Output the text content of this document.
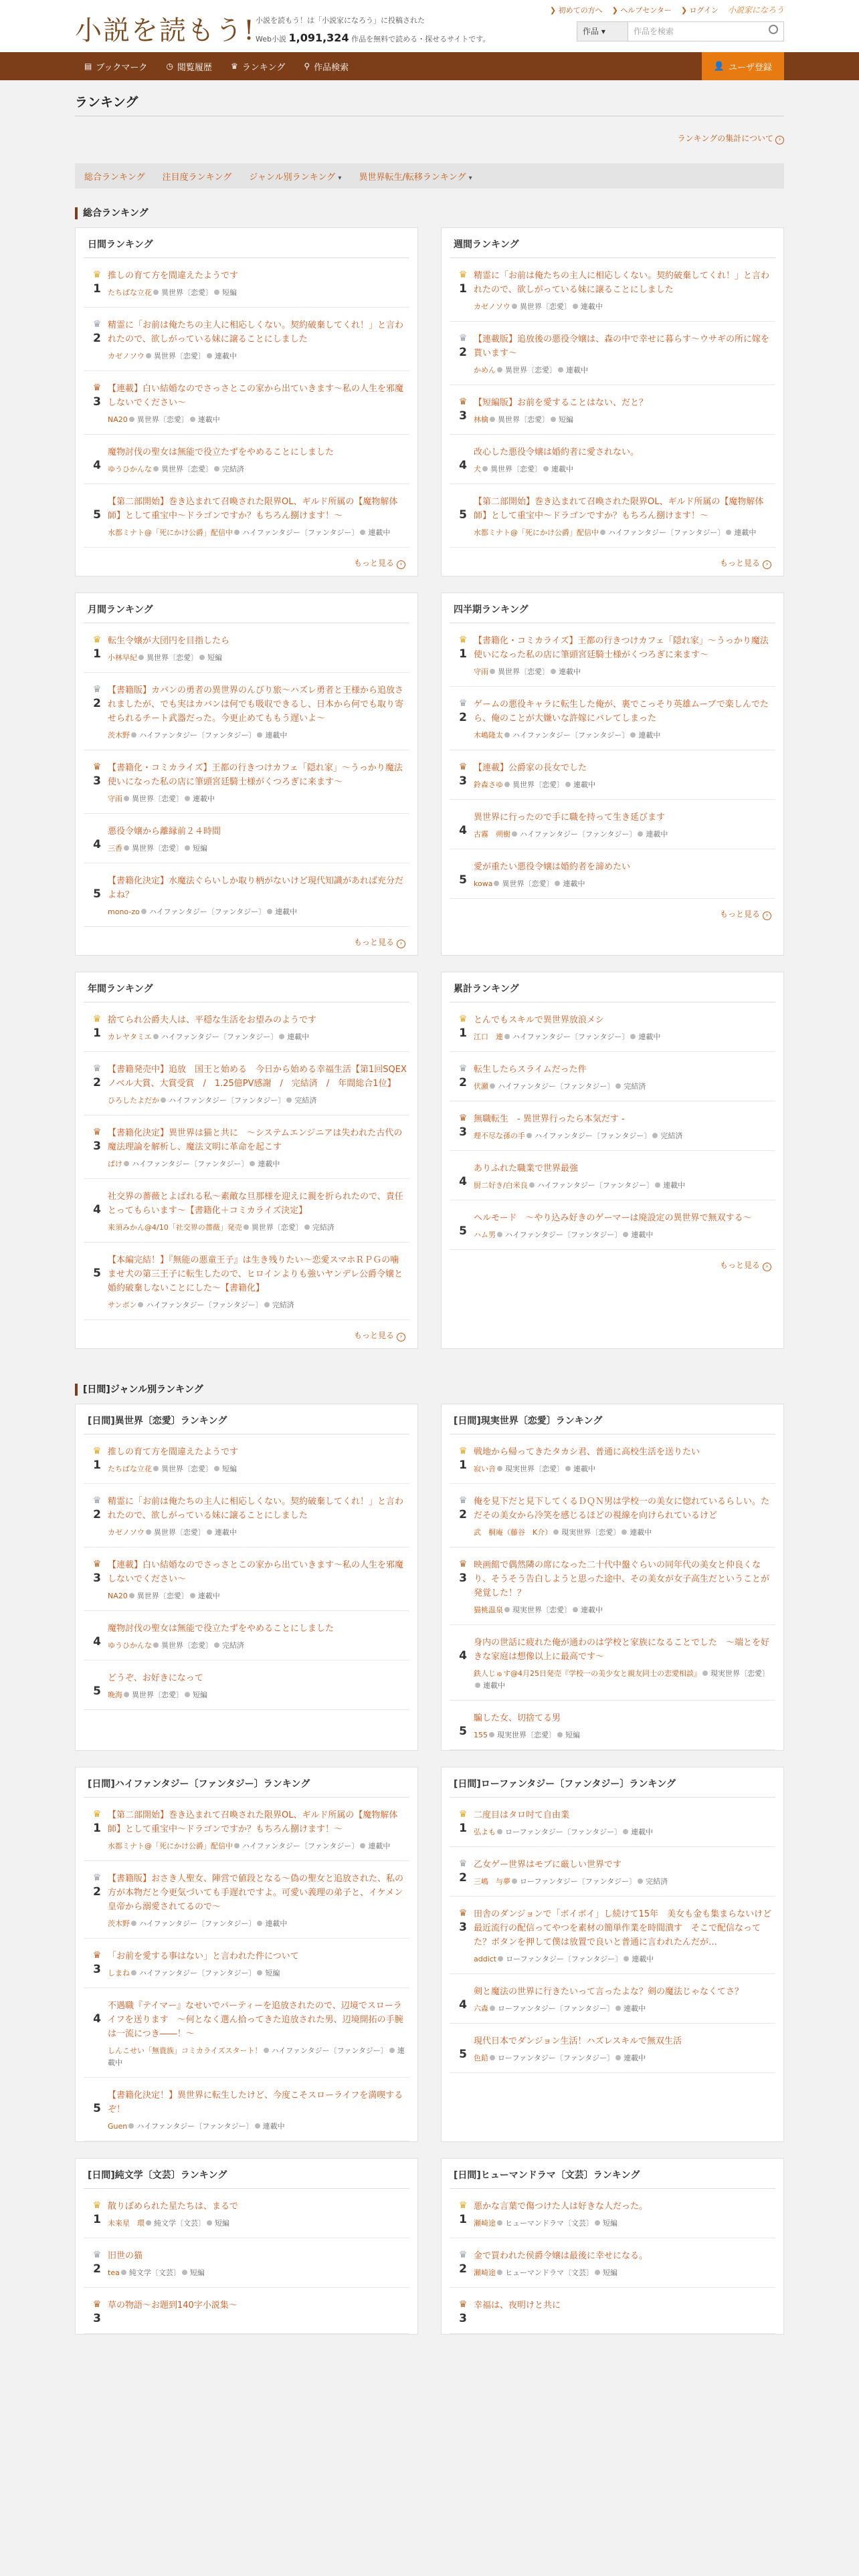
小説を読もう! 小説を読もう！は「小説家になろう」に投稿された
Web小説 1,091,324 作品を無料で読める・探せるサイトです。
❯ 初めての方へ ❯ ヘルプセンター ❯ ログイン 小説家になろう
作品 ▾	作品を検索
▤ ブックマーク ◷ 閲覧履歴 ♛ ランキング ⚲ 作品検索	👤 ユーザ登録
ランキング
ランキングの集計について ›
総合ランキング	注目度ランキング	ジャンル別ランキング ▾	異世界転生/転移ランキング ▾
総合ランキング
日間ランキング
♛
1
推しの育て方を間違えたようです
たちばな立花 異世界〔恋愛〕 短編
♛
2
精霊に「お前は俺たちの主人に相応しくない。契約破棄してくれ！」と言われたので、欲しがっている妹に譲ることにしました
カゼノソウ 異世界〔恋愛〕 連載中
♛
3
【連載】白い結婚なのでさっさとこの家から出ていきます〜私の人生を邪魔しないでください〜
NA20 異世界〔恋愛〕 連載中

4
魔物討伐の聖女は無能で役立たずをやめることにしました
ゆうひかんな 異世界〔恋愛〕 完結済

5
【第二部開始】巻き込まれて召喚された限界OL、ギルド所属の【魔物解体師】として重宝中〜ドラゴンですか？もちろん捌けます！〜
水都ミナト@「死にかけ公爵」配信中 ハイファンタジー〔ファンタジー〕 連載中
もっと見る ›
週間ランキング
♛
1
精霊に「お前は俺たちの主人に相応しくない。契約破棄してくれ！」と言われたので、欲しがっている妹に譲ることにしました
カゼノソウ 異世界〔恋愛〕 連載中
♛
2
【連載版】追放後の悪役令嬢は、森の中で幸せに暮らす〜ウサギの所に嫁を貰います〜
かめん 異世界〔恋愛〕 連載中
♛
3
【短編版】お前を愛することはない、だと？
林檎 異世界〔恋愛〕 短編

4
改心した悪役令嬢は婚約者に愛されない。
犬 異世界〔恋愛〕 連載中

5
【第二部開始】巻き込まれて召喚された限界OL、ギルド所属の【魔物解体師】として重宝中〜ドラゴンですか？もちろん捌けます！〜
水都ミナト@「死にかけ公爵」配信中 ハイファンタジー〔ファンタジー〕 連載中
もっと見る ›
月間ランキング
♛
1
転生令嬢が大団円を目指したら
小林早紀 異世界〔恋愛〕 短編
♛
2
【書籍版】カバンの勇者の異世界のんびり旅〜ハズレ勇者と王様から追放されましたが、でも実はカバンは何でも吸収できるし、日本から何でも取り寄せられるチート武器だった。今更止めてももう遅いよ〜
茨木野 ハイファンタジー〔ファンタジー〕 連載中
♛
3
【書籍化・コミカライズ】王都の行きつけカフェ「隠れ家」〜うっかり魔法使いになった私の店に筆頭宮廷騎士様がくつろぎに来ます〜
守雨 異世界〔恋愛〕 連載中

4
悪役令嬢から離縁前２４時間
三香 異世界〔恋愛〕 短編

5
【書籍化決定】水魔法ぐらいしか取り柄がないけど現代知識があれば充分だよね？
mono-zo ハイファンタジー〔ファンタジー〕 連載中
もっと見る ›
四半期ランキング
♛
1
【書籍化・コミカライズ】王都の行きつけカフェ「隠れ家」〜うっかり魔法使いになった私の店に筆頭宮廷騎士様がくつろぎに来ます〜
守雨 異世界〔恋愛〕 連載中
♛
2
ゲームの悪役キャラに転生した俺が、裏でこっそり英雄ムーブで楽しんでたら、俺のことが大嫌いな許嫁にバレてしまった
木嶋隆太 ハイファンタジー〔ファンタジー〕 連載中
♛
3
【連載】公爵家の長女でした
鈴森さゆ 異世界〔恋愛〕 連載中

4
異世界に行ったので手に職を持って生き延びます
古霧　朔樹 ハイファンタジー〔ファンタジー〕 連載中

5
愛が重たい悪役令嬢は婚約者を諦めたい
kowa 異世界〔恋愛〕 連載中
もっと見る ›
年間ランキング
♛
1
捨てられ公爵夫人は、平穏な生活をお望みのようです
カレヤタミエ ハイファンタジー〔ファンタジー〕 連載中
♛
2
【書籍発売中】追放　国王と始める　今日から始める幸福生活【第1回SQEXノベル大賞、大賞受賞　/　1.25億PV感謝　/　完結済　/　年間総合1位】
ひろしたよだか ハイファンタジー〔ファンタジー〕 完結済
♛
3
【書籍化決定】異世界は猫と共に　〜システムエンジニアは失われた古代の魔法理論を解析し、魔法文明に革命を起こす
ぱけ ハイファンタジー〔ファンタジー〕 連載中

4
社交界の薔薇とよばれる私〜素敵な旦那様を迎えに親を折られたので、責任とってもらいます〜【書籍化＋コミカライズ決定】
来須みかん@4/10「社交界の薔薇」発売 異世界〔恋愛〕 完結済

5
【本編完結！】『無能の悪童王子』は生き残りたい〜恋愛スマホＲＰＧの噛ませ犬の第三王子に転生したので、ヒロインよりも強いヤンデレ公爵令嬢と婚約破棄しないことにした〜【書籍化】
サンボン ハイファンタジー〔ファンタジー〕 完結済
もっと見る ›
累計ランキング
♛
1
とんでもスキルで異世界放浪メシ
江口　連 ハイファンタジー〔ファンタジー〕 連載中
♛
2
転生したらスライムだった件
伏瀬 ハイファンタジー〔ファンタジー〕 完結済
♛
3
無職転生　- 異世界行ったら本気だす -
理不尽な孫の手 ハイファンタジー〔ファンタジー〕 完結済

4
ありふれた職業で世界最強
厨二好き/白米良 ハイファンタジー〔ファンタジー〕 連載中

5
ヘルモード　〜やり込み好きのゲーマーは廃設定の異世界で無双する〜
ハム男 ハイファンタジー〔ファンタジー〕 連載中
もっと見る ›
[日間]ジャンル別ランキング
[日間]異世界〔恋愛〕ランキング
♛
1
推しの育て方を間違えたようです
たちばな立花 異世界〔恋愛〕 短編
♛
2
精霊に「お前は俺たちの主人に相応しくない。契約破棄してくれ！」と言われたので、欲しがっている妹に譲ることにしました
カゼノソウ 異世界〔恋愛〕 連載中
♛
3
【連載】白い結婚なのでさっさとこの家から出ていきます〜私の人生を邪魔しないでください〜
NA20 異世界〔恋愛〕 連載中

4
魔物討伐の聖女は無能で役立たずをやめることにしました
ゆうひかんな 異世界〔恋愛〕 完結済

5
どうぞ、お好きになって
晩海 異世界〔恋愛〕 短編
[日間]現実世界〔恋愛〕ランキング
♛
1
戦地から帰ってきたタカシ君、普通に高校生活を送りたい
寂い音 現実世界〔恋愛〕 連載中
♛
2
俺を見下だと見下してくるＤＱＮ男は学校一の美女に惚れているらしい。ただその美女から冷笑を感じるほどの視線を向けられているけど
武　桐庵（藤谷　K介） 現実世界〔恋愛〕 連載中
♛
3
映画館で偶然隣の席になった二十代中盤ぐらいの同年代の美女と仲良くなり、そうそう告白しようと思った途中、その美女が女子高生だということが発覚した！？
猫桃温泉 現実世界〔恋愛〕 連載中

4
身内の世話に疲れた俺が通わのは学校と家族になることでした　〜端とを好きな家庭は想像以上に最高です〜
鉄人じゅす@4月25日発売『学校一の美少女と親友同士の恋愛相談』 現実世界〔恋愛〕連載中

5
騙した女、切捨てる男
155 現実世界〔恋愛〕 短編
[日間]ハイファンタジー〔ファンタジー〕ランキング
♛
1
【第二部開始】巻き込まれて召喚された限界OL、ギルド所属の【魔物解体師】として重宝中〜ドラゴンですか？もちろん捌けます！〜
水都ミナト@「死にかけ公爵」配信中 ハイファンタジー〔ファンタジー〕 連載中
♛
2
【書籍版】おさき人聖女、陣営で値段となる〜偽の聖女と追放された、私の方が本物だと今更気づいても手遅れですよ。可愛い義理の弟子と、イケメン皇帝から溺愛されてるので〜
茨木野 ハイファンタジー〔ファンタジー〕 連載中
♛
3
「お前を愛する事はない」と言われた件について
しまね ハイファンタジー〔ファンタジー〕 短編

4
不遇職『テイマー』なせいでパーティーを追放されたので、辺境でスローライフを送ります　〜何となく選ん拾ってきた追放された男、辺境開拓の手腕は一流につき――！〜
しんこせい「無貴族」コミカライズスタート！ ハイファンタジー〔ファンタジー〕 連載中

5
【書籍化決定！】異世界に転生したけど、今度こそスローライフを満喫するぞ！
Guen ハイファンタジー〔ファンタジー〕 連載中
[日間]ローファンタジー〔ファンタジー〕ランキング
♛
1
二度目はタロ吋て自由業
弘よも ローファンタジー〔ファンタジー〕 連載中
♛
2
乙女ゲー世界はモブに厳しい世界です
三嶋　与夢 ローファンタジー〔ファンタジー〕 完結済
♛
3
田舎のダンジョンで「ボイボイ」し続けて15年　美女も金も集まらないけど最近流行の配信ってやつを素材の簡単作業を時間潰す　そこで配信なってた？ボタンを押して僕は放置で良いと普通に言われたんだが…
addict ローファンタジー〔ファンタジー〕 連載中

4
剣と魔法の世界に行きたいって言ったよな？剣の魔法じゃなくてさ？
六森 ローファンタジー〔ファンタジー〕 連載中

5
現代日本でダンジョン生活！ハズレスキルで無双生活
色鉛 ローファンタジー〔ファンタジー〕 連載中
[日間]純文学〔文芸〕ランキング
♛
1
散りぼめられた星たちは、まるで
未来星　環 純文学〔文芸〕 短編
♛
2
旧世の猫
tea 純文学〔文芸〕 短編
♛
3
草の物語〜お題到140字小説集〜
[日間]ヒューマンドラマ〔文芸〕ランキング
♛
1
悪かな言葉で傷つけた人は好きな人だった。
瀬崎途 ヒューマンドラマ〔文芸〕 短編
♛
2
金で買われた侯爵令嬢は最後に幸せになる。
瀬崎途 ヒューマンドラマ〔文芸〕 短編
♛
3
幸福は、夜明けと共に
